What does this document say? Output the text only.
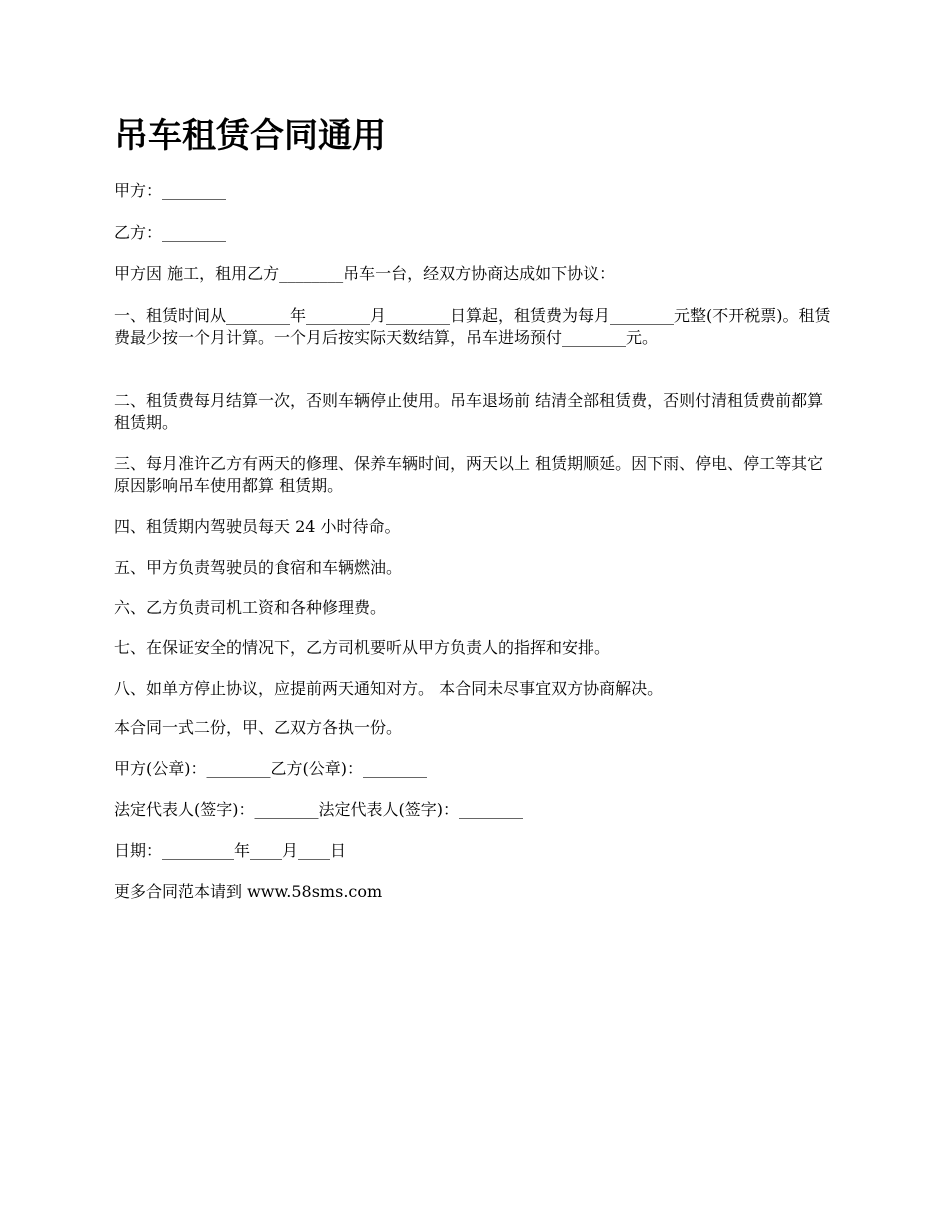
吊车租赁合同通用

甲方：________

乙方：________

甲方因 施工，租用乙方________吊车一台，经双方协商达成如下协议：

一、租赁时间从________年________月________日算起，租赁费为每月________元整(不开税票)。租赁费最少按一个月计算。一个月后按实际天数结算，吊车进场预付________元。

二、租赁费每月结算一次，否则车辆停止使用。吊车退场前 结清全部租赁费，否则付清租赁费前都算租赁期。

三、每月准许乙方有两天的修理、保养车辆时间，两天以上 租赁期顺延。因下雨、停电、停工等其它原因影响吊车使用都算 租赁期。

四、租赁期内驾驶员每天 24 小时待命。

五、甲方负责驾驶员的食宿和车辆燃油。

六、乙方负责司机工资和各种修理费。

七、在保证安全的情况下，乙方司机要听从甲方负责人的指挥和安排。

八、如单方停止协议，应提前两天通知对方。 本合同未尽事宜双方协商解决。

本合同一式二份，甲、乙双方各执一份。

甲方(公章)：________乙方(公章)：________

法定代表人(签字)：________法定代表人(签字)：________

日期：_________年____月____日

更多合同范本请到 www.58sms.com
